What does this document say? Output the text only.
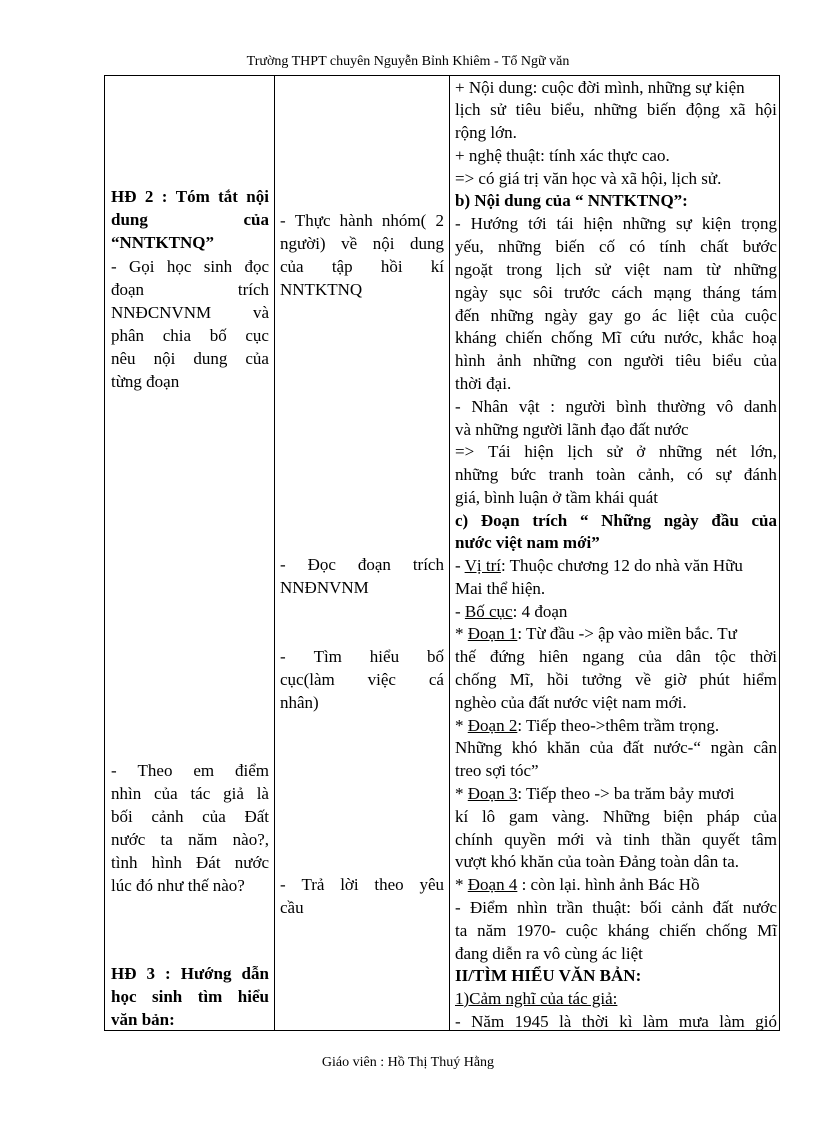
Trường THPT chuyên Nguyễn Bỉnh Khiêm - Tổ Ngữ văn
HĐ 2 : Tóm tắt nội
dung	của
“NNTKTNQ”
- Gọi học sinh đọc
đoạn	trích
NNĐCNVNM và
phân chia bố cục
nêu nội dung của
từng đoạn
- Theo em điểm
nhìn của tác giả là
bối cảnh của Đất
nước ta năm nào?,
tình hình Đát nước
lúc đó như thế nào?
HĐ 3 : Hướng dẫn
học sinh tìm hiểu
văn bản:
- Thực hành nhóm( 2
người) về nội dung
của tập hồi kí
NNTKTNQ
- Đọc đoạn trích
NNĐNVNM
- Tìm hiểu bố
cục(làm việc cá
nhân)
- Trả lời theo yêu
cầu
+ Nội dung: cuộc đời mình, những sự kiện
lịch sử tiêu biểu, những biến động xã hội
rộng lớn.
+ nghệ thuật: tính xác thực cao.
=> có giá trị văn học và xã hội, lịch sử.
b) Nội dung của “ NNTKTNQ”:
- Hướng tới tái hiện những sự kiện trọng
yếu, những biến cố có tính chất bước
ngoặt trong lịch sử việt nam từ những
ngày sục sôi trước cách mạng tháng tám
đến những ngày gay go ác liệt của cuộc
kháng chiến chống Mĩ cứu nước, khắc hoạ
hình ảnh những con người tiêu biểu của
thời đại.
- Nhân vật : người bình thường vô danh
và những người lãnh đạo đất nước
=> Tái hiện lịch sử ở những nét lớn,
những bức tranh toàn cảnh, có sự đánh
giá, bình luận ở tầm khái quát
c) Đoạn trích “ Những ngày đầu của
nước việt nam mới”
- Vị trí: Thuộc chương 12 do nhà văn Hữu
Mai thể hiện.
- Bố cục: 4 đoạn
* Đoạn 1: Từ đầu -> ập vào miền bắc. Tư
thế đứng hiên ngang của dân tộc thời
chống Mĩ, hồi tưởng về giờ phút hiểm
nghèo của đất nước việt nam mới.
* Đoạn 2: Tiếp theo->thêm trầm trọng.
Những khó khăn của đất nước-“ ngàn cân
treo sợi tóc”
* Đoạn 3: Tiếp theo -> ba trăm bảy mươi
kí lô gam vàng. Những biện pháp của
chính quyền mới và tinh thần quyết tâm
vượt khó khăn của toàn Đảng toàn dân ta.
* Đoạn 4 : còn lại. hình ảnh Bác Hồ
- Điểm nhìn trần thuật: bối cảnh đất nước
ta năm 1970- cuộc kháng chiến chống Mĩ
đang diễn ra vô cùng ác liệt
II/TÌM HIỂU VĂN BẢN:
1)Cảm nghĩ của tác giả:
- Năm 1945 là thời kì làm mưa làm gió
Giáo viên : Hồ Thị Thuý Hằng
